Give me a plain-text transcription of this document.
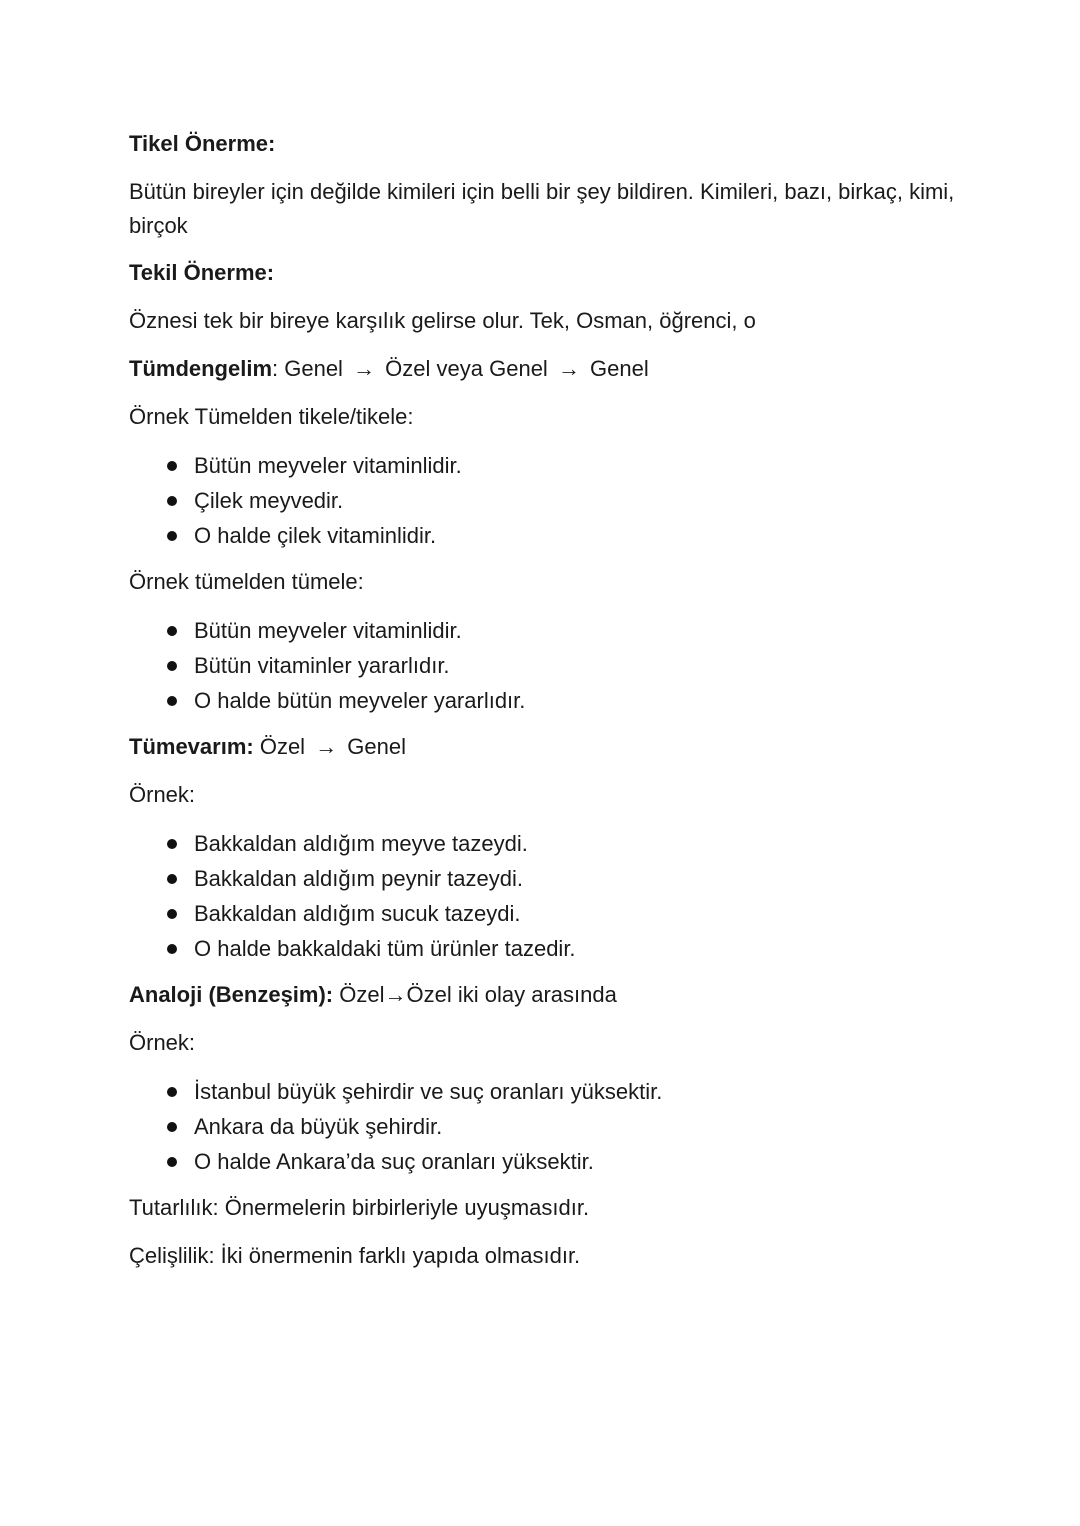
Tikel Önerme:
Bütün bireyler için değilde kimileri için belli bir şey bildiren. Kimileri, bazı, birkaç, kimi, birçok
Tekil Önerme:
Öznesi tek bir bireye karşılık gelirse olur. Tek, Osman, öğrenci, o
Tümdengelim: Genel → Özel veya Genel → Genel
Örnek Tümelden tikele/tikele:
Bütün meyveler vitaminlidir.
Çilek meyvedir.
O halde çilek vitaminlidir.
Örnek tümelden tümele:
Bütün meyveler vitaminlidir.
Bütün vitaminler yararlıdır.
O halde bütün meyveler yararlıdır.
Tümevarım: Özel → Genel
Örnek:
Bakkaldan aldığım meyve tazeydi.
Bakkaldan aldığım peynir tazeydi.
Bakkaldan aldığım sucuk tazeydi.
O halde bakkaldaki tüm ürünler tazedir.
Analoji (Benzeşim): Özel→Özel iki olay arasında
Örnek:
İstanbul büyük şehirdir ve suç oranları yüksektir.
Ankara da büyük şehirdir.
O halde Ankara’da suç oranları yüksektir.
Tutarlılık: Önermelerin birbirleriyle uyuşmasıdır.
Çelişlilik: İki önermenin farklı yapıda olmasıdır.
